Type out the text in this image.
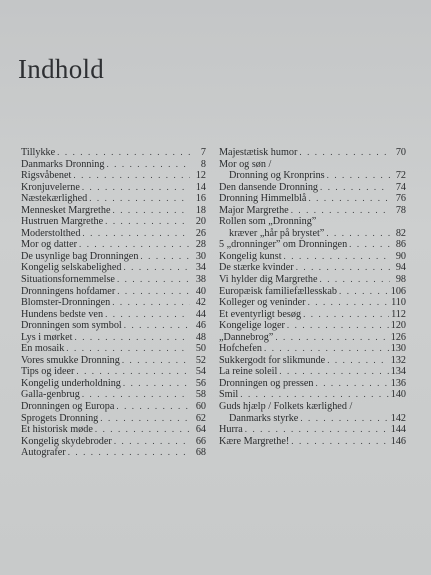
Indhold
Tillykke . . .	7
Danmarks Dronning . . .	8
Rigsvåbenet . . .	12
Kronjuvelerne . . .	14
Næstekærlighed . . .	16
Mennesket Margrethe . . .	18
Hustruen Margrethe . . .	20
Moderstolthed . . .	26
Mor og datter . . .	28
De usynlige bag Dronningen . . .	30
Kongelig selskabelighed . . .	34
Situationsfornemmelse . . .	38
Dronningens hofdamer . . .	40
Blomster-Dronningen . . .	42
Hundens bedste ven . . .	44
Dronningen som symbol . . .	46
Lys i mørket . . .	48
En mosaik . . .	50
Vores smukke Dronning . . .	52
Tips og ideer . . .	54
Kongelig underholdning . . .	56
Galla-genbrug . . .	58
Dronningen og Europa . . .	60
Sprogets Dronning . . .	62
Et historisk møde . . .	64
Kongelig skydebroder . . .	66
Autografer . . .	68
Majestætisk humor . . .	70
Mor og søn /
Dronning og Kronprins . . .	72
Den dansende Dronning . . .	74
Dronning Himmelblå . . .	76
Major Margrethe . . .	78
Rollen som „Dronning”
kræver „hår på brystet” . . .	82
5 „dronninger” om Dronningen . . .	86
Kongelig kunst . . .	90
De stærke kvinder . . .	94
Vi hylder dig Margrethe . . .	98
Europæisk familiefællesskab . . .	106
Kolleger og veninder . . .	110
Et eventyrligt besøg . . .	112
Kongelige loger . . .	120
„Dannebrog” . . .	126
Hofchefen . . .	130
Sukkergodt for slikmunde . . .	132
La reine soleil . . .	134
Dronningen og pressen . . .	136
Smil . . .	140
Guds hjælp / Folkets kærlighed /
Danmarks styrke . . .	142
Hurra . . .	144
Kære Margrethe! . . .	146
